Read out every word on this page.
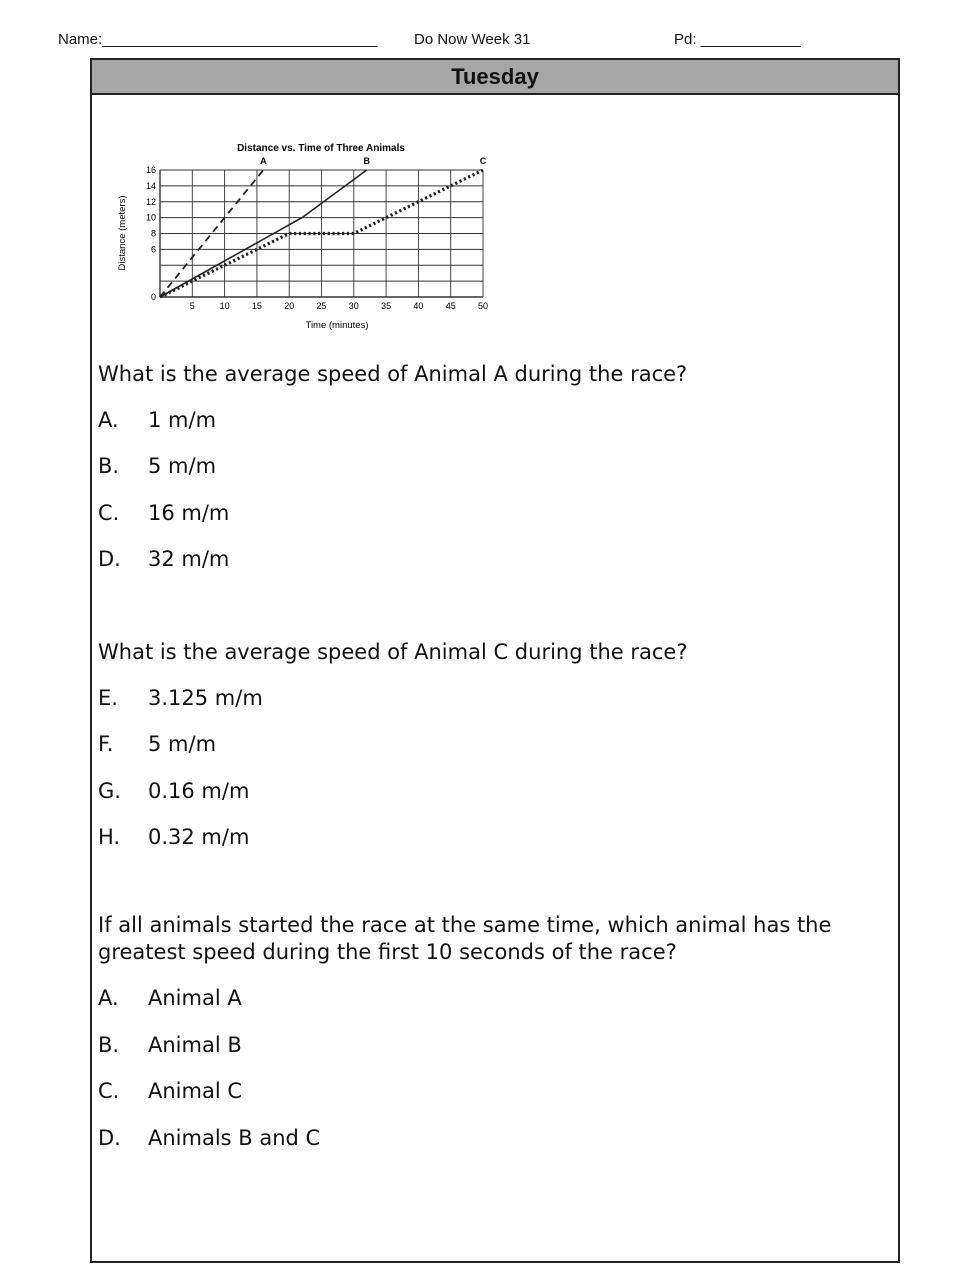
Name:_________________________________ Do Now Week 31	Pd: ____________
Tuesday
Distance vs. Time of Three Animals
5	10 15 20 25 30 35 40 45 50
0
6
8
10
12
14
16
A	B	C
Time (minutes)
Distance (meters)
What is the average speed of Animal A during the race?
A. 1 m/m
B. 5 m/m
C. 16 m/m
D. 32 m/m
What is the average speed of Animal C during the race?
E. 3.125 m/m
F. 5 m/m
G. 0.16 m/m
H. 0.32 m/m
If all animals started the race at the same time, which animal has the greatest speed during the first 10 seconds of the race?
A. Animal A
B. Animal B
C. Animal C
D. Animals B and C
